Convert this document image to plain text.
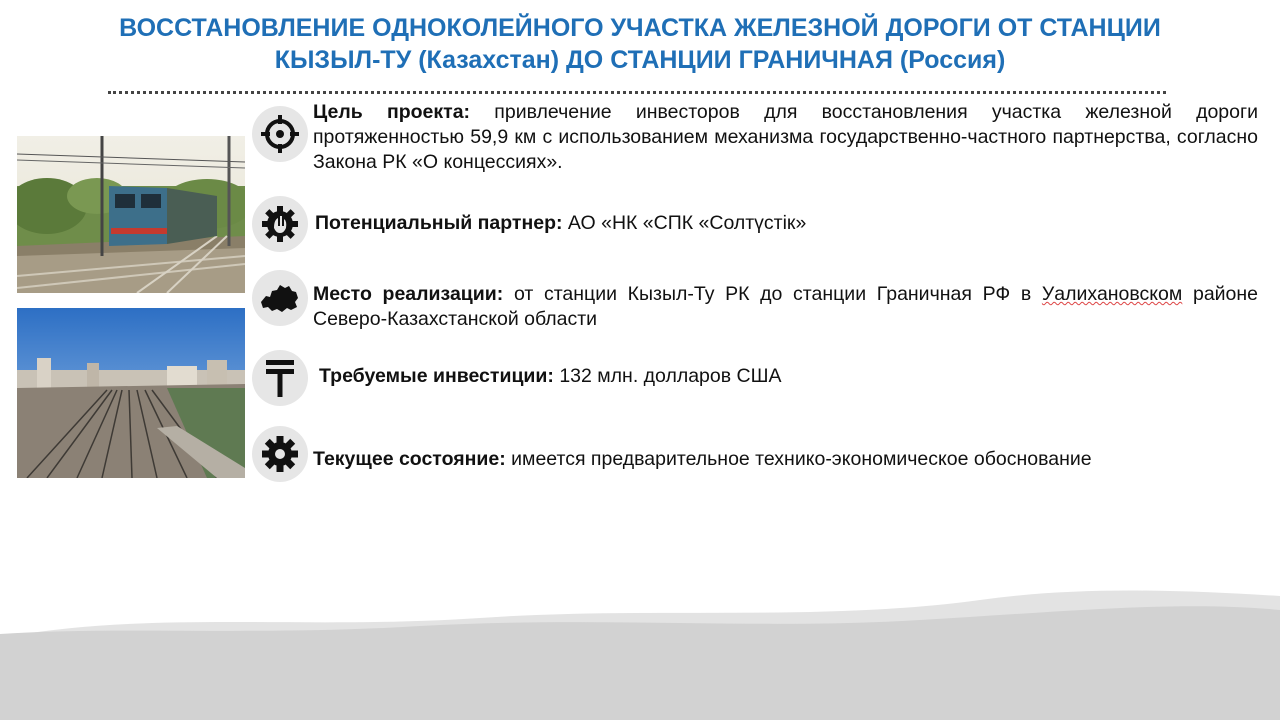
ВОССТАНОВЛЕНИЕ ОДНОКОЛЕЙНОГО УЧАСТКА ЖЕЛЕЗНОЙ ДОРОГИ ОТ СТАНЦИИ
КЫЗЫЛ-ТУ (Казахстан) ДО СТАНЦИИ ГРАНИЧНАЯ (Россия)
Цель проекта: привлечение инвесторов для восстановления участка железной дороги протяженностью 59,9 км с использованием механизма государственно-частного партнерства, согласно Закона РК «О концессиях».
Потенциальный партнер: АО «НК «СПК «Солтүстік»
Место реализации: от станции Кызыл-Ту РК до станции Граничная РФ в Уалихановском районе Северо-Казахстанской области
Требуемые инвестиции: 132 млн. долларов США
Текущее состояние: имеется предварительное технико-экономическое обоснование
